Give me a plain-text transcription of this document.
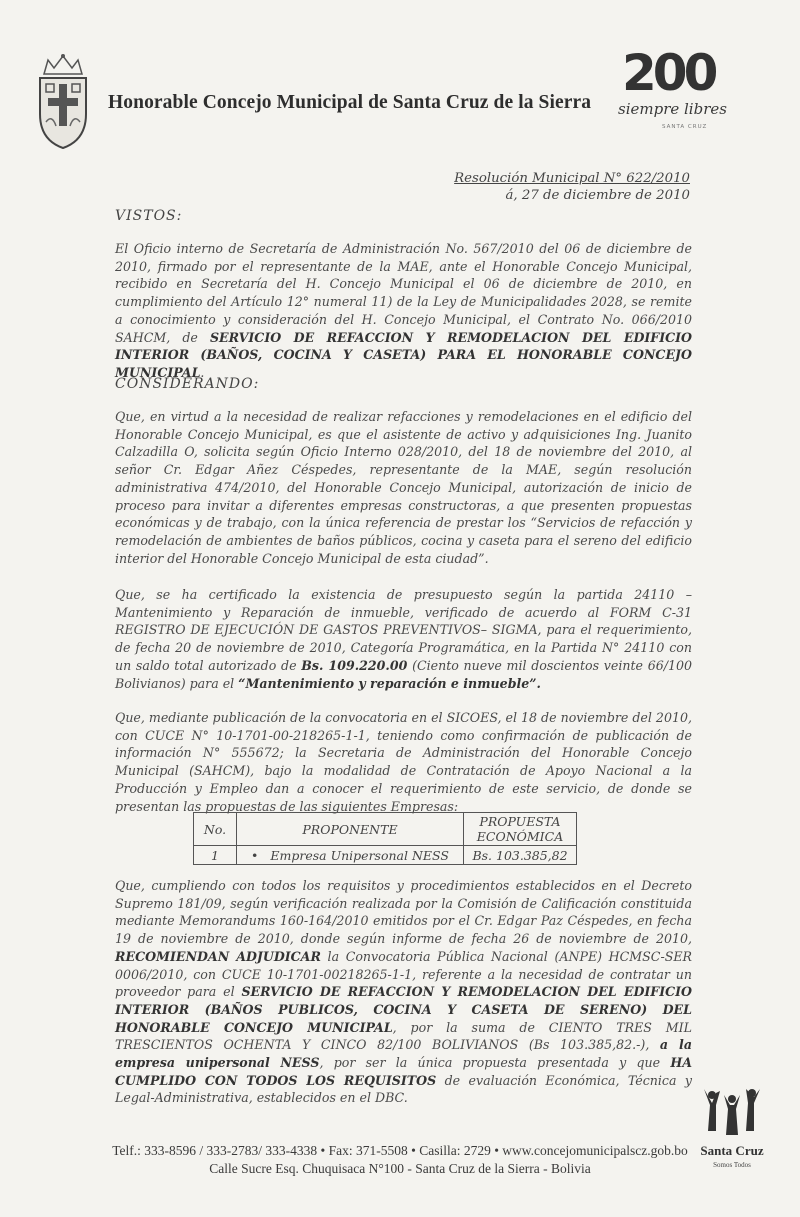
Honorable Concejo Municipal de Santa Cruz de la Sierra
200
siempre libres
SANTA CRUZ
Resolución Municipal N° 622/2010
á, 27 de diciembre de 2010
VISTOS:

El Oficio interno de Secretaría de Administración No. 567/2010 del 06 de diciembre de 2010, firmado por el representante de la MAE, ante el Honorable Concejo Municipal, recibido en Secretaría del H. Concejo Municipal el 06 de diciembre de 2010, en cumplimiento del Artículo 12° numeral 11) de la Ley de Municipalidades 2028, se remite a conocimiento y consideración del H. Concejo Municipal, el Contrato No. 066/2010 SAHCM, de SERVICIO DE REFACCION Y REMODELACION DEL EDIFICIO INTERIOR (BAÑOS, COCINA Y CASETA) PARA EL HONORABLE CONCEJO MUNICIPAL.

CONSIDERANDO:

Que, en virtud a la necesidad de realizar refacciones y remodelaciones en el edificio del Honorable Concejo Municipal, es que el asistente de activo y adquisiciones Ing. Juanito Calzadilla O, solicita según Oficio Interno 028/2010, del 18 de noviembre del 2010, al señor Cr. Edgar Añez Céspedes, representante de la MAE, según resolución administrativa 474/2010, del Honorable Concejo Municipal, autorización de inicio de proceso para invitar a diferentes empresas constructoras, a que presenten propuestas económicas y de trabajo, con la única referencia de prestar los “Servicios de refacción y remodelación de ambientes de baños públicos, cocina y caseta para el sereno del edificio interior del Honorable Concejo Municipal de esta ciudad”.

Que, se ha certificado la existencia de presupuesto según la partida 24110 – Mantenimiento y Reparación de inmueble, verificado de acuerdo al FORM C-31 REGISTRO DE EJECUCIÓN DE GASTOS PREVENTIVOS– SIGMA, para el requerimiento, de fecha 20 de noviembre de 2010, Categoría Programática, en la Partida N° 24110 con un saldo total autorizado de Bs. 109.220.00 (Ciento nueve mil doscientos veinte 66/100 Bolivianos) para el “Mantenimiento y reparación e inmueble”.

Que, mediante publicación de la convocatoria en el SICOES, el 18 de noviembre del 2010, con CUCE N° 10-1701-00-218265-1-1, teniendo como confirmación de publicación de información N° 555672; la Secretaria de Administración del Honorable Concejo Municipal (SAHCM), bajo la modalidad de Contratación de Apoyo Nacional a la Producción y Empleo dan a conocer el requerimiento de este servicio, de donde se presentan las propuestas de las siguientes Empresas:

No.	PROPONENTE	PROPUESTA ECONÓMICA
1	• Empresa Unipersonal NESS	Bs. 103.385,82

Que, cumpliendo con todos los requisitos y procedimientos establecidos en el Decreto Supremo 181/09, según verificación realizada por la Comisión de Calificación constituida mediante Memorandums 160-164/2010 emitidos por el Cr. Edgar Paz Céspedes, en fecha 19 de noviembre de 2010, donde según informe de fecha 26 de noviembre de 2010, RECOMIENDAN ADJUDICAR la Convocatoria Pública Nacional (ANPE) HCMSC-SER 0006/2010, con CUCE 10-1701-00218265-1-1, referente a la necesidad de contratar un proveedor para el SERVICIO DE REFACCION Y REMODELACION DEL EDIFICIO INTERIOR (BAÑOS PUBLICOS, COCINA Y CASETA DE SERENO) DEL HONORABLE CONCEJO MUNICIPAL, por la suma de CIENTO TRES MIL TRESCIENTOS OCHENTA Y CINCO 82/100 BOLIVIANOS (Bs 103.385,82.-), a la empresa unipersonal NESS, por ser la única propuesta presentada y que HA CUMPLIDO CON TODOS LOS REQUISITOS de evaluación Económica, Técnica y Legal-Administrativa, establecidos en el DBC.

Telf.: 333-8596 / 333-2783/ 333-4338 • Fax: 371-5508 • Casilla: 2729 • www.concejomunicipalscz.gob.bo
Calle Sucre Esq. Chuquisaca N°100 - Santa Cruz de la Sierra - Bolivia
Santa Cruz
Somos Todos
